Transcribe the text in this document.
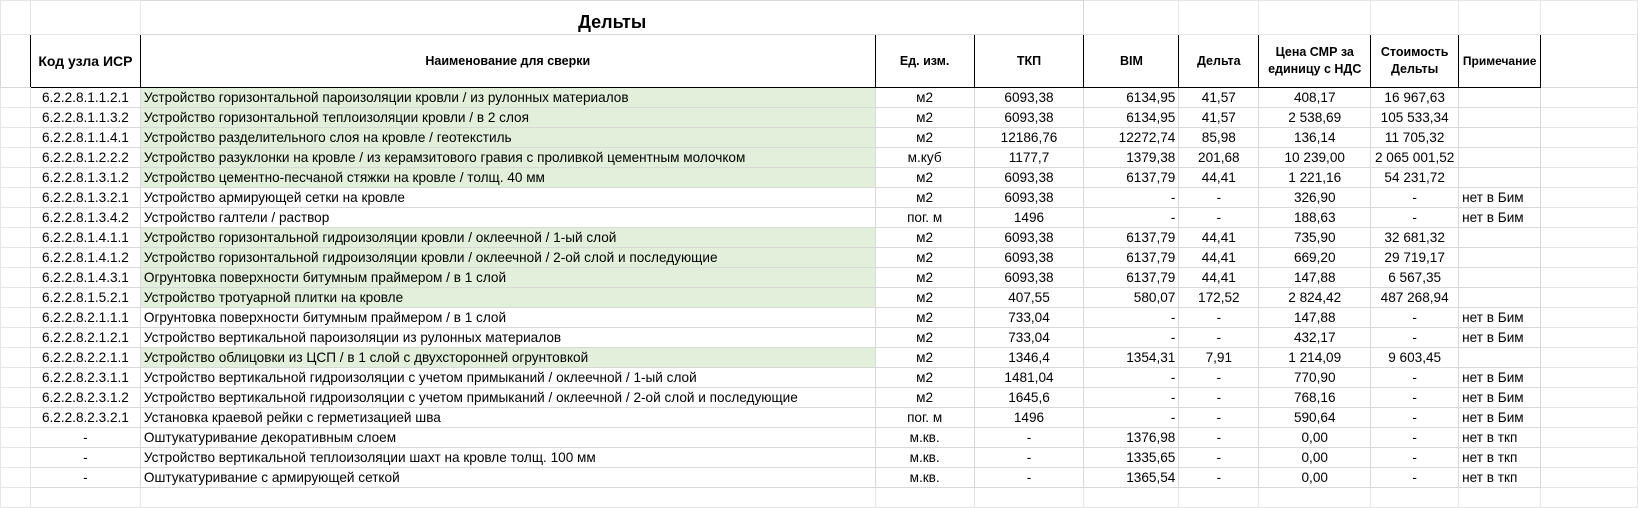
		Дельты								
	Код узла ИСР	Наименование для сверки	Ед. изм.	ТКП	BIM	Дельта	Цена СМР за единицу с НДС	Стоимость Дельты	Примечание	
	6.2.2.8.1.1.2.1	Устройство горизонтальной пароизоляции кровли / из рулонных материалов	м2	6093,38	6134,95	41,57	408,17	16 967,63		
	6.2.2.8.1.1.3.2	Устройство горизонтальной теплоизоляции кровли / в 2 слоя	м2	6093,38	6134,95	41,57	2 538,69	105 533,34		
	6.2.2.8.1.1.4.1	Устройство разделительного слоя на кровле / геотекстиль	м2	12186,76	12272,74	85,98	136,14	11 705,32		
	6.2.2.8.1.2.2.2	Устройство разуклонки на кровле / из керамзитового гравия с проливкой цементным молочком	м.куб	1177,7	1379,38	201,68	10 239,00	2 065 001,52		
	6.2.2.8.1.3.1.2	Устройство цементно-песчаной стяжки на кровле / толщ. 40 мм	м2	6093,38	6137,79	44,41	1 221,16	54 231,72		
	6.2.2.8.1.3.2.1	Устройство армирующей сетки на кровле	м2	6093,38	-	-	326,90	-	нет в Бим	
	6.2.2.8.1.3.4.2	Устройство галтели / раствор	пог. м	1496	-	-	188,63	-	нет в Бим	
	6.2.2.8.1.4.1.1	Устройство горизонтальной гидроизоляции кровли / оклеечной / 1-ый слой	м2	6093,38	6137,79	44,41	735,90	32 681,32		
	6.2.2.8.1.4.1.2	Устройство горизонтальной гидроизоляции кровли / оклеечной / 2-ой слой и последующие	м2	6093,38	6137,79	44,41	669,20	29 719,17		
	6.2.2.8.1.4.3.1	Огрунтовка поверхности битумным праймером / в 1 слой	м2	6093,38	6137,79	44,41	147,88	6 567,35		
	6.2.2.8.1.5.2.1	Устройство тротуарной плитки на кровле	м2	407,55	580,07	172,52	2 824,42	487 268,94		
	6.2.2.8.2.1.1.1	Огрунтовка поверхности битумным праймером / в 1 слой	м2	733,04	-	-	147,88	-	нет в Бим	
	6.2.2.8.2.1.2.1	Устройство вертикальной пароизоляции из рулонных материалов	м2	733,04	-	-	432,17	-	нет в Бим	
	6.2.2.8.2.2.1.1	Устройство облицовки из ЦСП / в 1 слой с двухсторонней огрунтовкой	м2	1346,4	1354,31	7,91	1 214,09	9 603,45		
	6.2.2.8.2.3.1.1	Устройство вертикальной гидроизоляции с учетом примыканий / оклеечной / 1-ый слой	м2	1481,04	-	-	770,90	-	нет в Бим	
	6.2.2.8.2.3.1.2	Устройство вертикальной гидроизоляции с учетом примыканий / оклеечной / 2-ой слой и последующие	м2	1645,6	-	-	768,16	-	нет в Бим	
	6.2.2.8.2.3.2.1	Установка краевой рейки с герметизацией шва	пог. м	1496	-	-	590,64	-	нет в Бим	
	-	Оштукатуривание декоративным слоем	м.кв.	-	1376,98	-	0,00	-	нет в ткп	
	-	Устройство вертикальной теплоизоляции шахт на кровле толщ. 100 мм	м.кв.	-	1335,65	-	0,00	-	нет в ткп	
	-	Оштукатуривание с армирующей сеткой	м.кв.	-	1365,54	-	0,00	-	нет в ткп	
